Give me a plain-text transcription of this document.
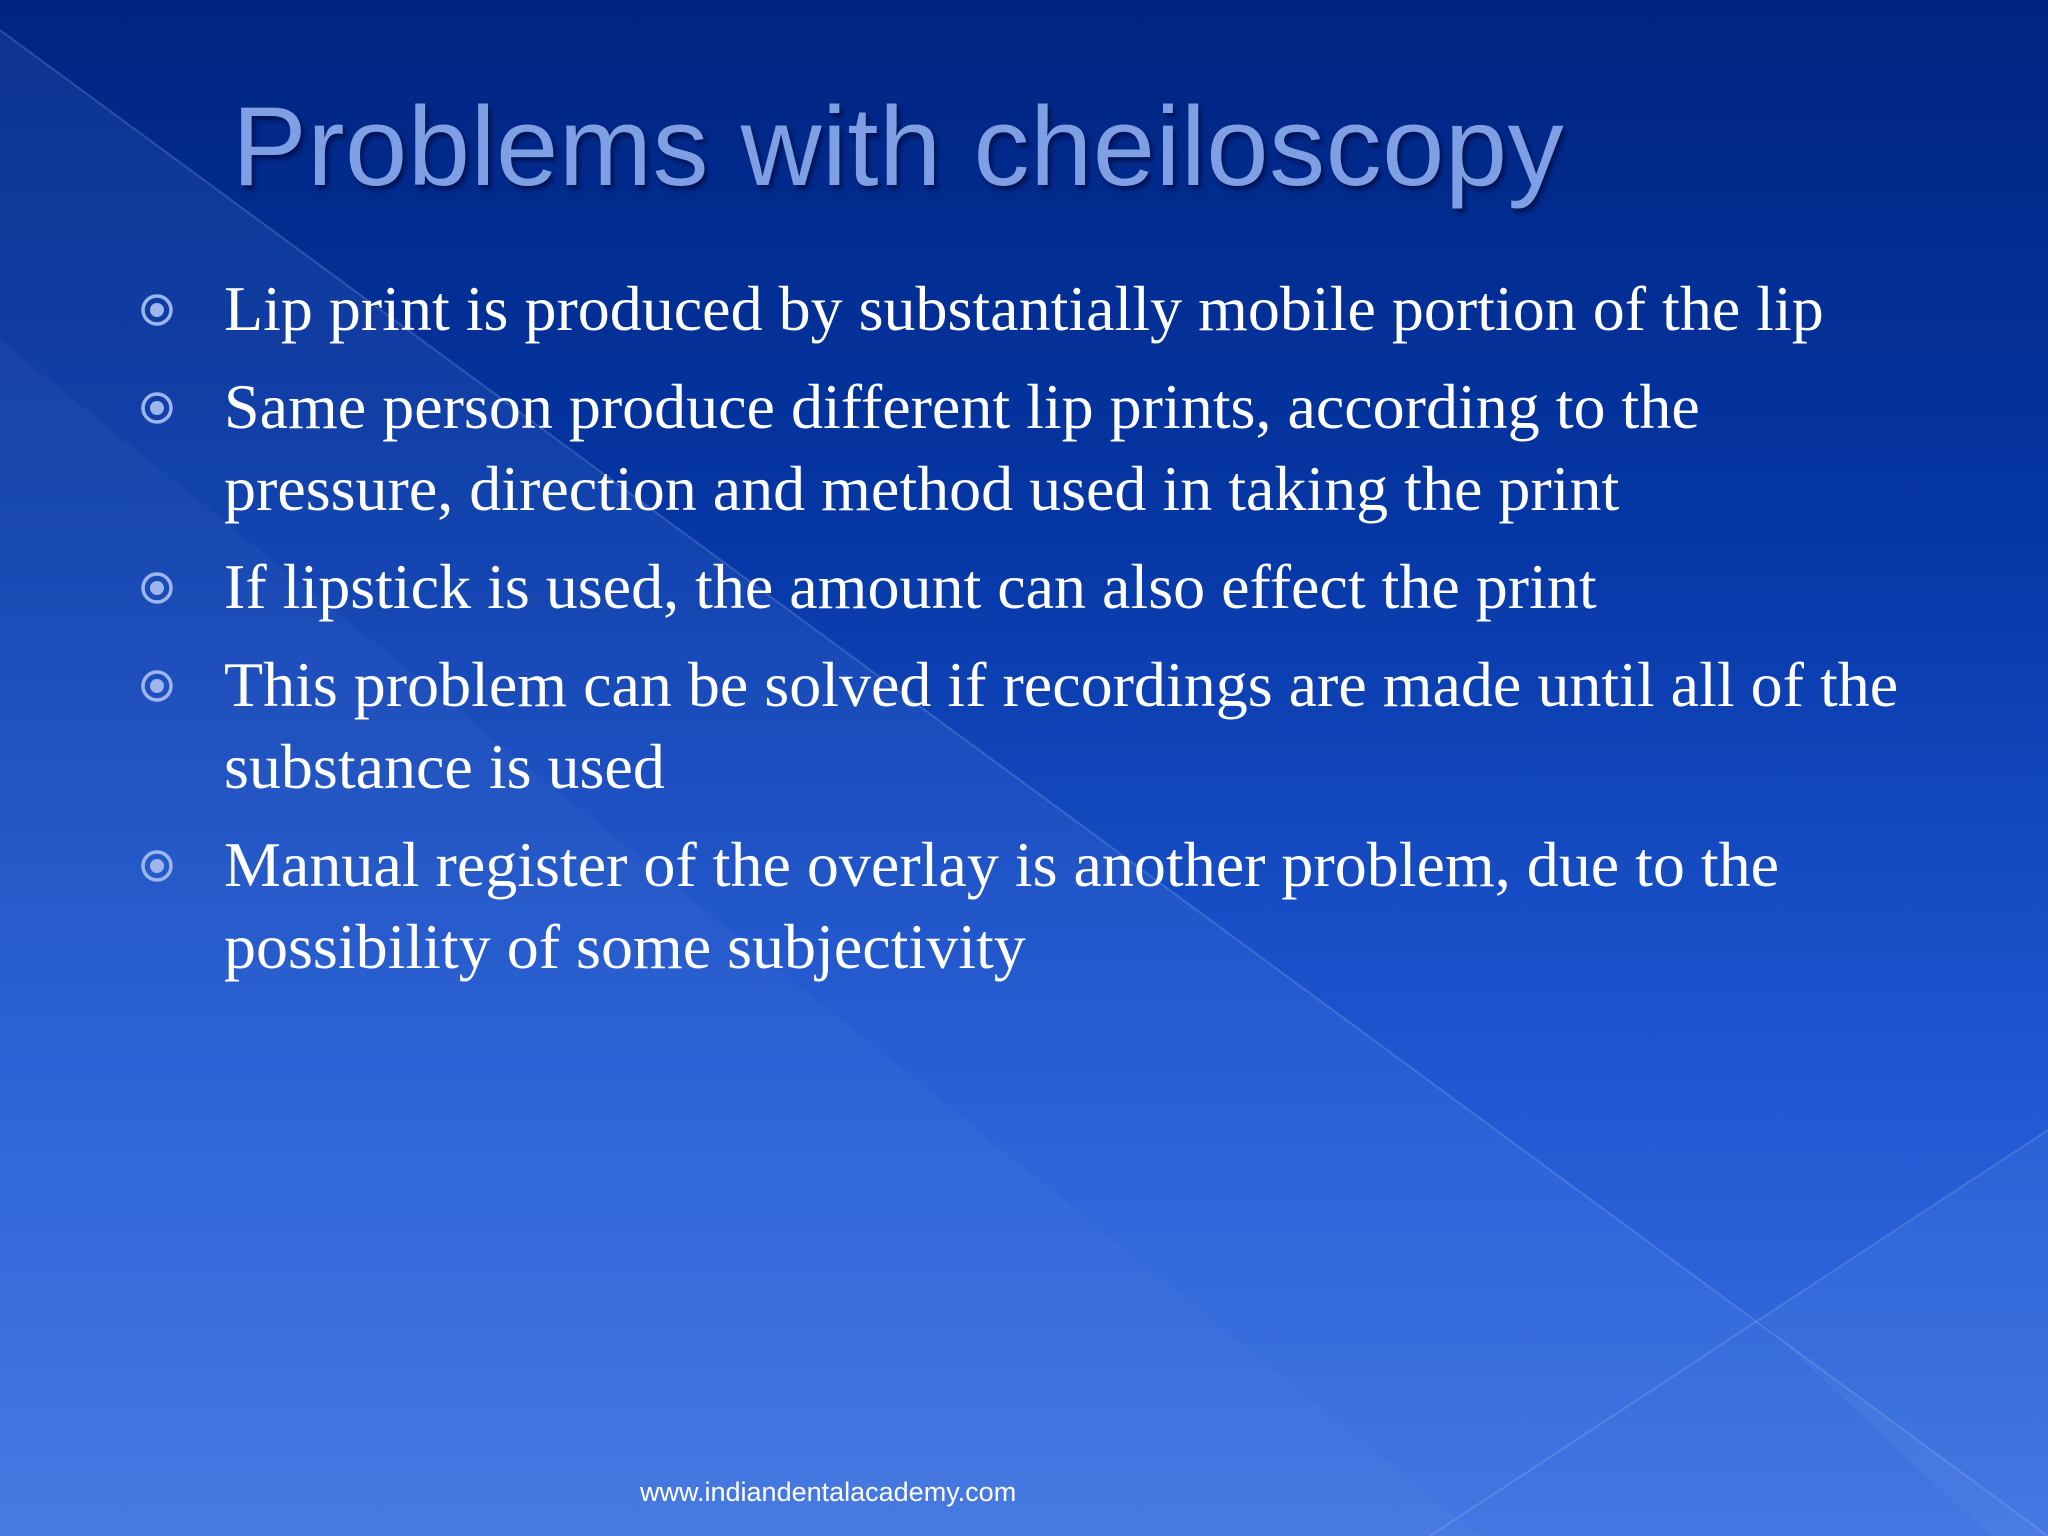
Problems with cheiloscopy
Lip print is produced by substantially mobile portion of the lip
Same person produce different lip prints, according to the pressure, direction and method used in taking the print
If lipstick is used, the amount can also effect the print
This problem can be solved if recordings are made until all of the substance is used
Manual register of the overlay is another problem, due to the possibility of some subjectivity
www.indiandentalacademy.com
